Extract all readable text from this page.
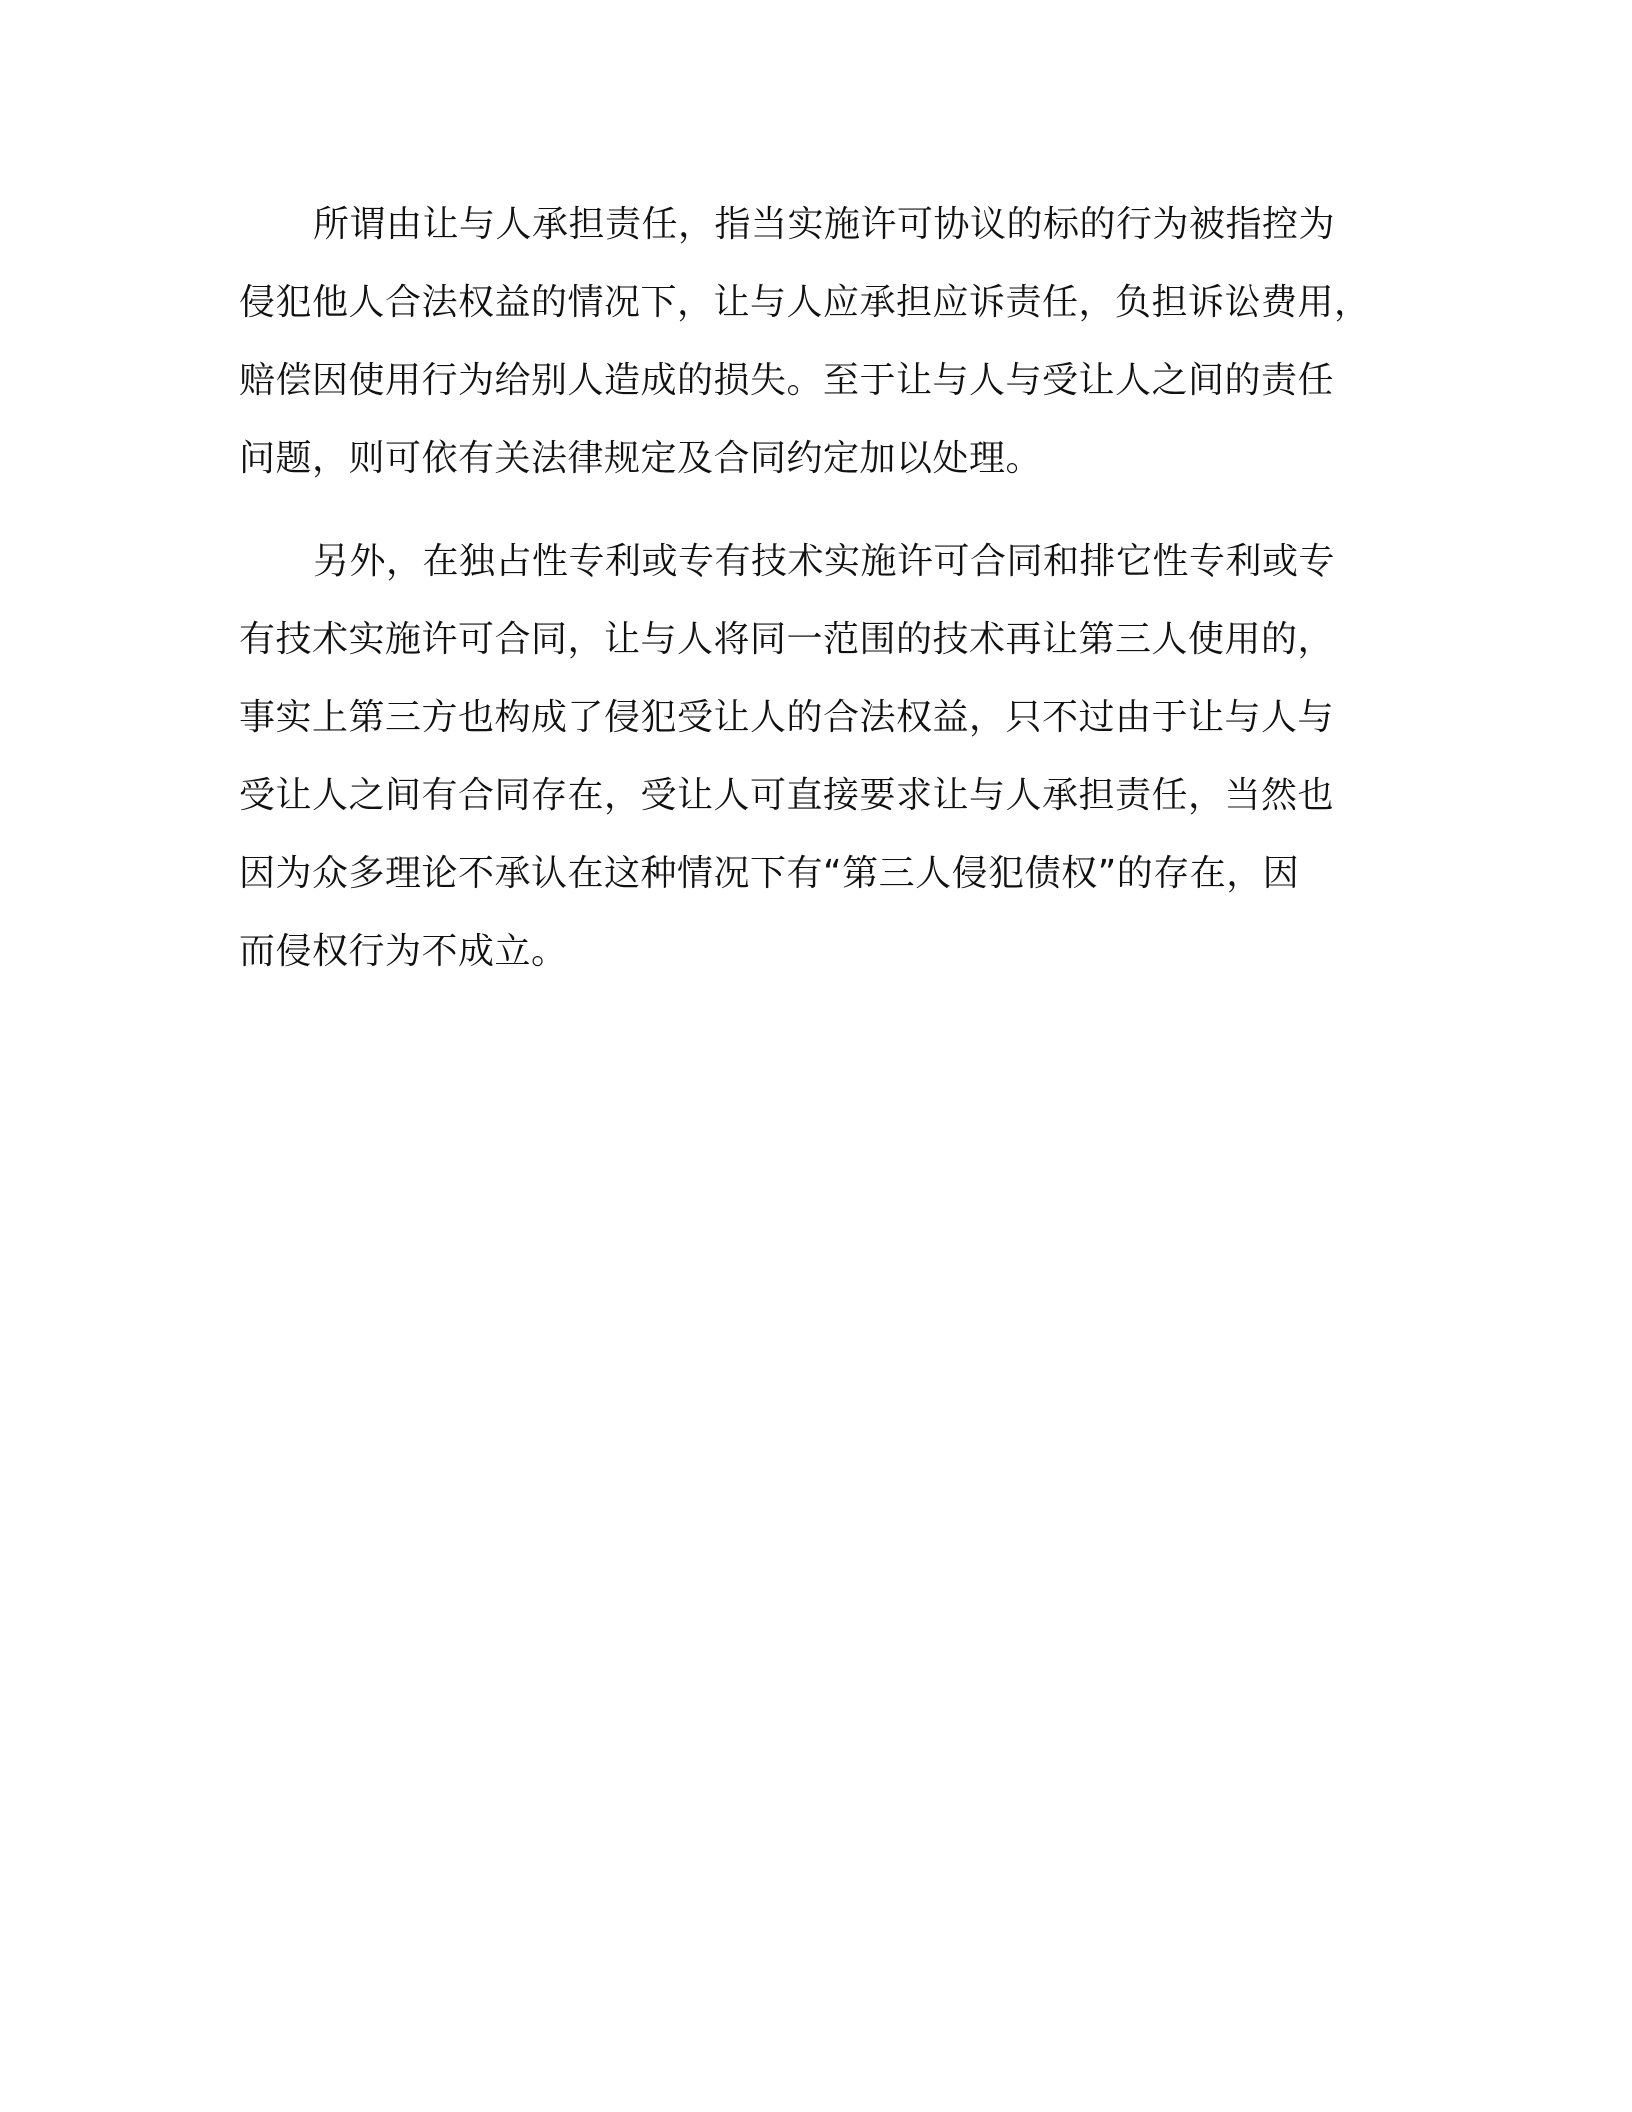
所谓由让与人承担责任，指当实施许可协议的标的行为被指控为
侵犯他人合法权益的情况下，让与人应承担应诉责任，负担诉讼费用，
赔偿因使用行为给别人造成的损失。至于让与人与受让人之间的责任
问题，则可依有关法律规定及合同约定加以处理。
另外，在独占性专利或专有技术实施许可合同和排它性专利或专
有技术实施许可合同，让与人将同一范围的技术再让第三人使用的，
事实上第三方也构成了侵犯受让人的合法权益，只不过由于让与人与
受让人之间有合同存在，受让人可直接要求让与人承担责任，当然也
因为众多理论不承认在这种情况下有“第三人侵犯债权”的存在，因
而侵权行为不成立。
